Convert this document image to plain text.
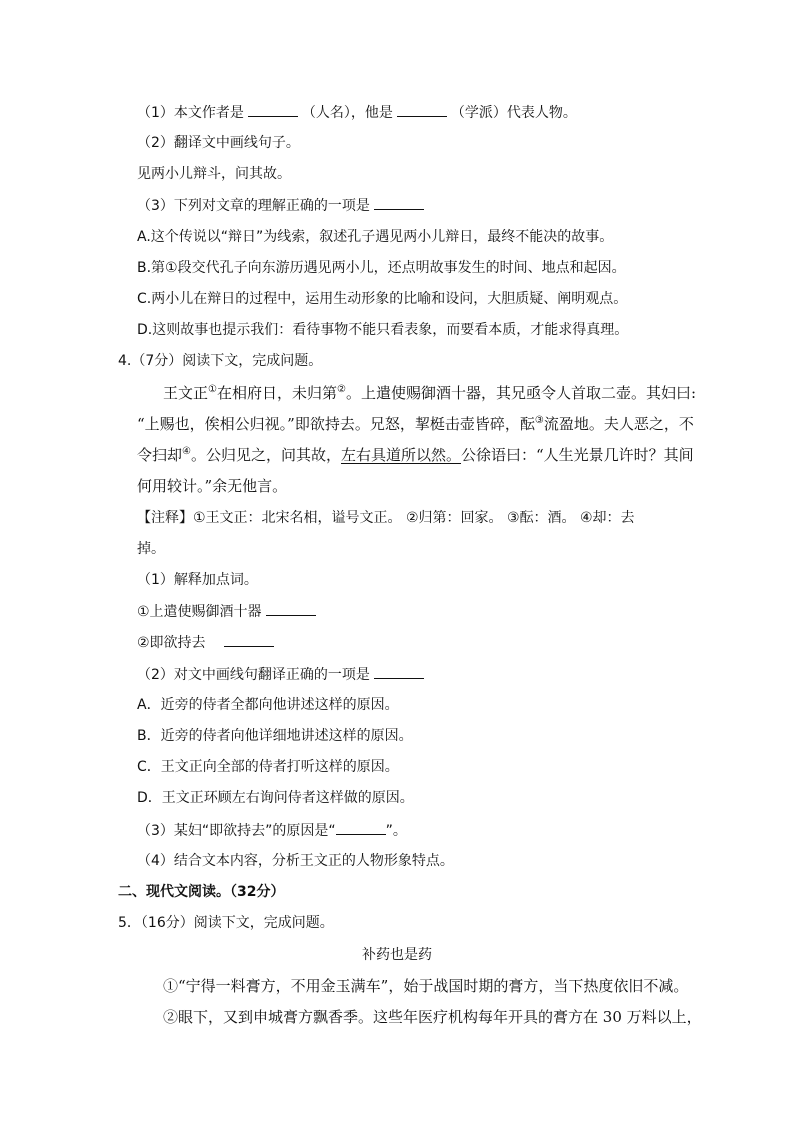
（1）本文作者是	（人名），他是	（学派）代表人物。
（2）翻译文中画线句子。
见两小儿辩斗，问其故。
（3）下列对文章的理解正确的一项是
A.这个传说以“辩日”为线索，叙述孔子遇见两小儿辩日，最终不能决的故事。
B.第①段交代孔子向东游历遇见两小儿，还点明故事发生的时间、地点和起因。
C.两小儿在辩日的过程中，运用生动形象的比喻和设问，大胆质疑、阐明观点。
D.这则故事也提示我们：看待事物不能只看表象，而要看本质，才能求得真理。
4.（7分）阅读下文，完成问题。
王文正①在相府日，未归第②。上遣使赐御酒十器，其兄亟令人首取二壶。其妇曰:
“上赐也，俟相公归视。”即欲持去。兄怒，挈梃击壶皆碎，酝③流盈地。夫人恶之，不
令扫却④。公归见之，问其故，左右具道所以然。公徐语曰：“人生光景几许时？其间
何用较计。”余无他言。
【注释】①王文正：北宋名相，谥号文正。 ②归第：回家。 ③酝：酒。 ④却：去
掉。
（1）解释加点词。
①上遣使赐御酒十器
②即欲持去
（2）对文中画线句翻译正确的一项是
A．近旁的侍者全都向他讲述这样的原因。
B．近旁的侍者向他详细地讲述这样的原因。
C．王文正向全部的侍者打听这样的原因。
D．王文正环顾左右询问侍者这样做的原因。
（3）某妇“即欲持去”的原因是“	”。
（4）结合文本内容，分析王文正的人物形象特点。
二、现代文阅读。（32分）
5．（16分）阅读下文，完成问题。
补药也是药
①“宁得一料膏方，不用金玉满车”，始于战国时期的膏方，当下热度依旧不减。
②眼下，又到申城膏方飘香季。这些年医疗机构每年开具的膏方在 30 万料以上，
